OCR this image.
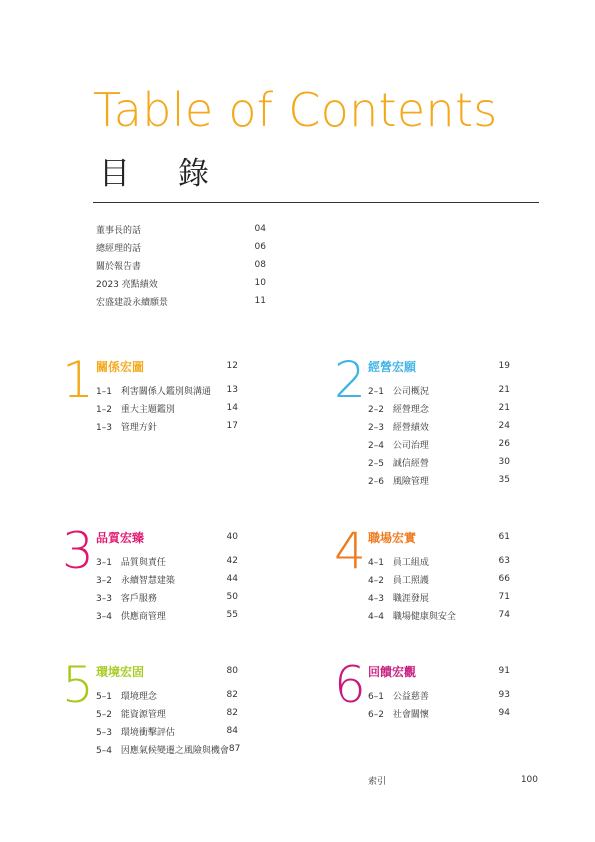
Table of Contents
目錄
董事長的話	04
總經理的話	06
關於報告書	08
2023 亮點績效	10
宏盛建設永續願景	11
1 關係宏圖	12
1–1 利害關係人鑑別與溝通 13
1–2 重大主題鑑別	14
1–3 管理方針	17
2 經營宏願	19
2–1 公司概況	21
2–2 經營理念	21
2–3 經營績效	24
2–4 公司治理	26
2–5 誠信經營	30
2–6 風險管理	35
3 品質宏臻	40
3–1 品質與責任	42
3–2 永續智慧建築	44
3–3 客戶服務	50
3–4 供應商管理	55
4 職場宏實	61
4–1 員工組成	63
4–2 員工照護	66
4–3 職涯發展	71
4–4 職場健康與安全	74
5 環境宏固	80
5–1 環境理念	82
5–2 能資源管理	82
5–3 環境衝擊評估	84
5–4 因應氣候變遷之風險與機會 87
6 回饋宏觀	91
6–1 公益慈善	93
6–2 社會關懷	94
索引	100
